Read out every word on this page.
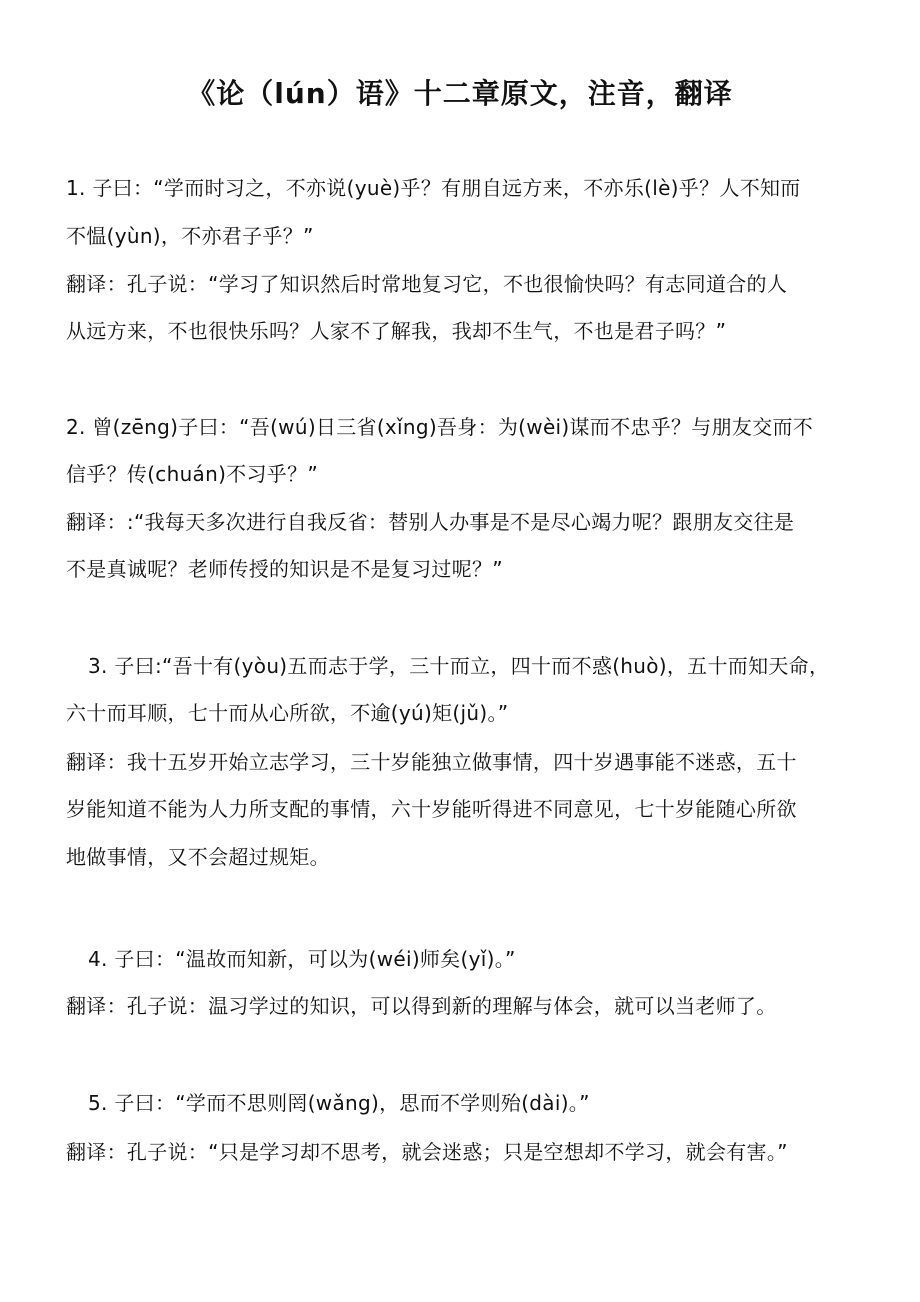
《论（lún）语》十二章原文，注音，翻译
1. 子曰：“学而时习之，不亦说(yuè)乎？有朋自远方来，不亦乐(lè)乎？人不知而
不愠(yùn)，不亦君子乎？”
翻译：孔子说：“学习了知识然后时常地复习它，不也很愉快吗？有志同道合的人
从远方来，不也很快乐吗？人家不了解我，我却不生气，不也是君子吗？”
2. 曾(zēng)子曰：“吾(wú)日三省(xǐng)吾身：为(wèi)谋而不忠乎？与朋友交而不
信乎？传(chuán)不习乎？”
翻译：:“我每天多次进行自我反省：替别人办事是不是尽心竭力呢？跟朋友交往是
不是真诚呢？老师传授的知识是不是复习过呢？”
3. 子曰:“吾十有(yòu)五而志于学，三十而立，四十而不惑(huò)，五十而知天命，
六十而耳顺，七十而从心所欲，不逾(yú)矩(jǔ)。”
翻译：我十五岁开始立志学习，三十岁能独立做事情，四十岁遇事能不迷惑，五十
岁能知道不能为人力所支配的事情，六十岁能听得进不同意见，七十岁能随心所欲
地做事情，又不会超过规矩。
4. 子曰：“温故而知新，可以为(wéi)师矣(yǐ)。”
翻译：孔子说：温习学过的知识，可以得到新的理解与体会，就可以当老师了。
5. 子曰：“学而不思则罔(wǎng)，思而不学则殆(dài)。”
翻译：孔子说：“只是学习却不思考，就会迷惑；只是空想却不学习，就会有害。”
